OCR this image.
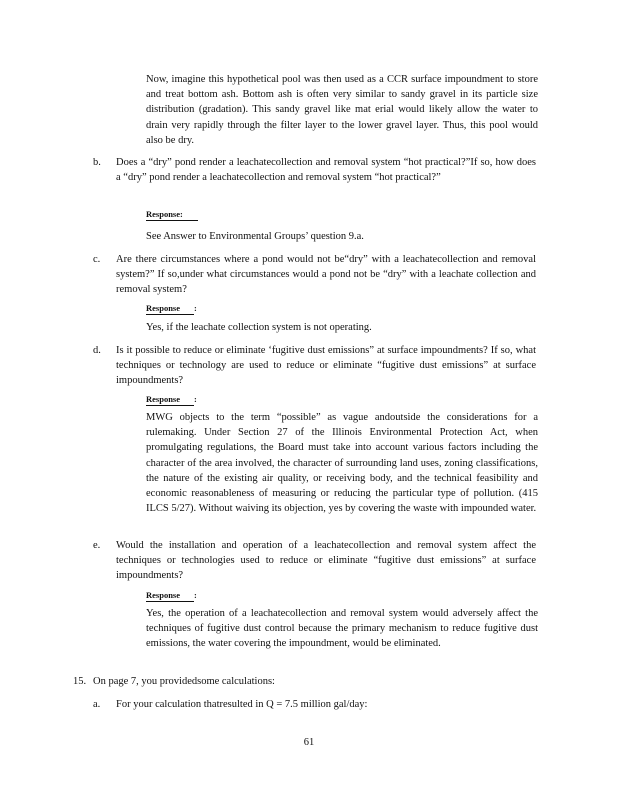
Now, imagine this hypothetical pool was then used as a CCR surface impoundment to store and treat bottom ash. Bottom ash is often very similar to sandy gravel in its particle size distribution (gradation). This sandy gravel like mat erial would likely allow the water to drain very rapidly through the filter layer to the lower gravel layer. Thus, this pool would also be dry.

b. Does a “dry” pond render a leachatecollection and removal system “hot practical?”If so, how does a “dry” pond render a leachatecollection and removal system “hot practical?”

Response:

See Answer to Environmental Groups’ question 9.a.

c. Are there circumstances where a pond would not be“dry” with a leachatecollection and removal system?” If so,under what circumstances would a pond not be “dry” with a leachate collection and removal system?

Response :

Yes, if the leachate collection system is not operating.

d. Is it possible to reduce or eliminate ‘fugitive dust emissions” at surface impoundments? If so, what techniques or technology are used to reduce or eliminate “fugitive dust emissions” at surface impoundments?

Response :

MWG objects to the term “possible” as vague andoutside the considerations for a rulemaking. Under Section 27 of the Illinois Environmental Protection Act, when promulgating regulations, the Board must take into account various factors including the character of the area involved, the character of surrounding land uses, zoning classifications, the nature of the existing air quality, or receiving body, and the technical feasibility and economic reasonableness of measuring or reducing the particular type of pollution. (415 ILCS 5/27). Without waiving its objection, yes by covering the waste with impounded water.

e. Would the installation and operation of a leachatecollection and removal system affect the techniques or technologies used to reduce or eliminate “fugitive dust emissions” at surface impoundments?

Response :

Yes, the operation of a leachatecollection and removal system would adversely affect the techniques of fugitive dust control because the primary mechanism to reduce fugitive dust emissions, the water covering the impoundment, would be eliminated.

15. On page 7, you providedsome calculations:
a. For your calculation thatresulted in Q = 7.5 million gal/day:
61
